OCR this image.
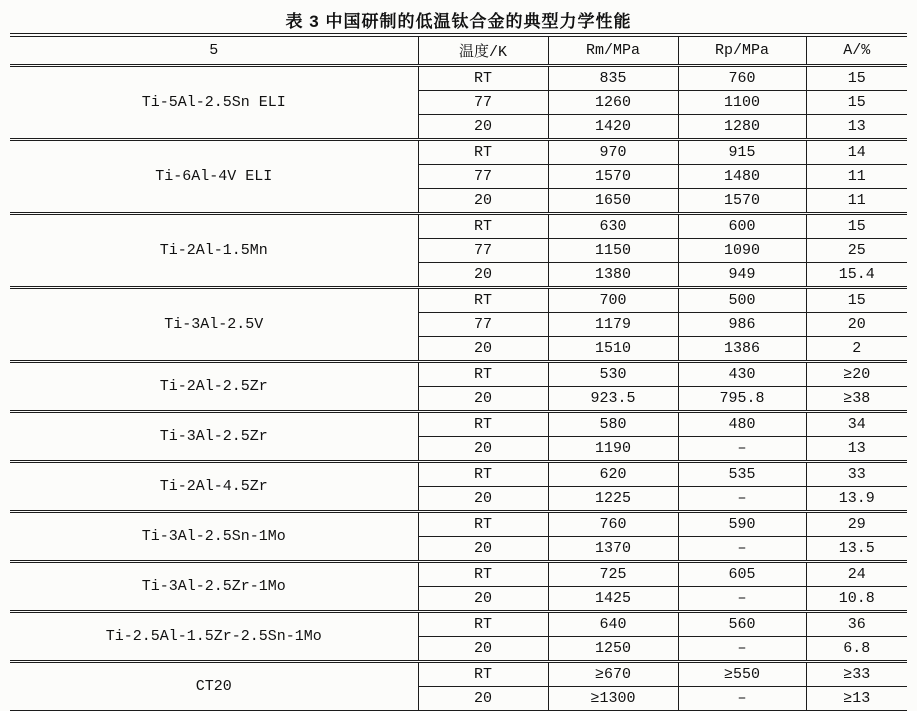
表 3 中国研制的低温钛合金的典型力学性能
5	温度/K	Rm/MPa	Rp/MPa	A/%
Ti-5Al-2.5Sn ELI	RT	835	760	15
	77	1260	1100	15
	20	1420	1280	13
Ti-6Al-4V ELI	RT	970	915	14
	77	1570	1480	11
	20	1650	1570	11
Ti-2Al-1.5Mn	RT	630	600	15
	77	1150	1090	25
	20	1380	949	15.4
Ti-3Al-2.5V	RT	700	500	15
	77	1179	986	20
	20	1510	1386	2
Ti-2Al-2.5Zr	RT	530	430	≥20
	20	923.5	795.8	≥38
Ti-3Al-2.5Zr	RT	580	480	34
	20	1190	–	13
Ti-2Al-4.5Zr	RT	620	535	33
	20	1225	–	13.9
Ti-3Al-2.5Sn-1Mo	RT	760	590	29
	20	1370	–	13.5
Ti-3Al-2.5Zr-1Mo	RT	725	605	24
	20	1425	–	10.8
Ti-2.5Al-1.5Zr-2.5Sn-1Mo	RT	640	560	36
	20	1250	–	6.8
CT20	RT	≥670	≥550	≥33
	20	≥1300	–	≥13
